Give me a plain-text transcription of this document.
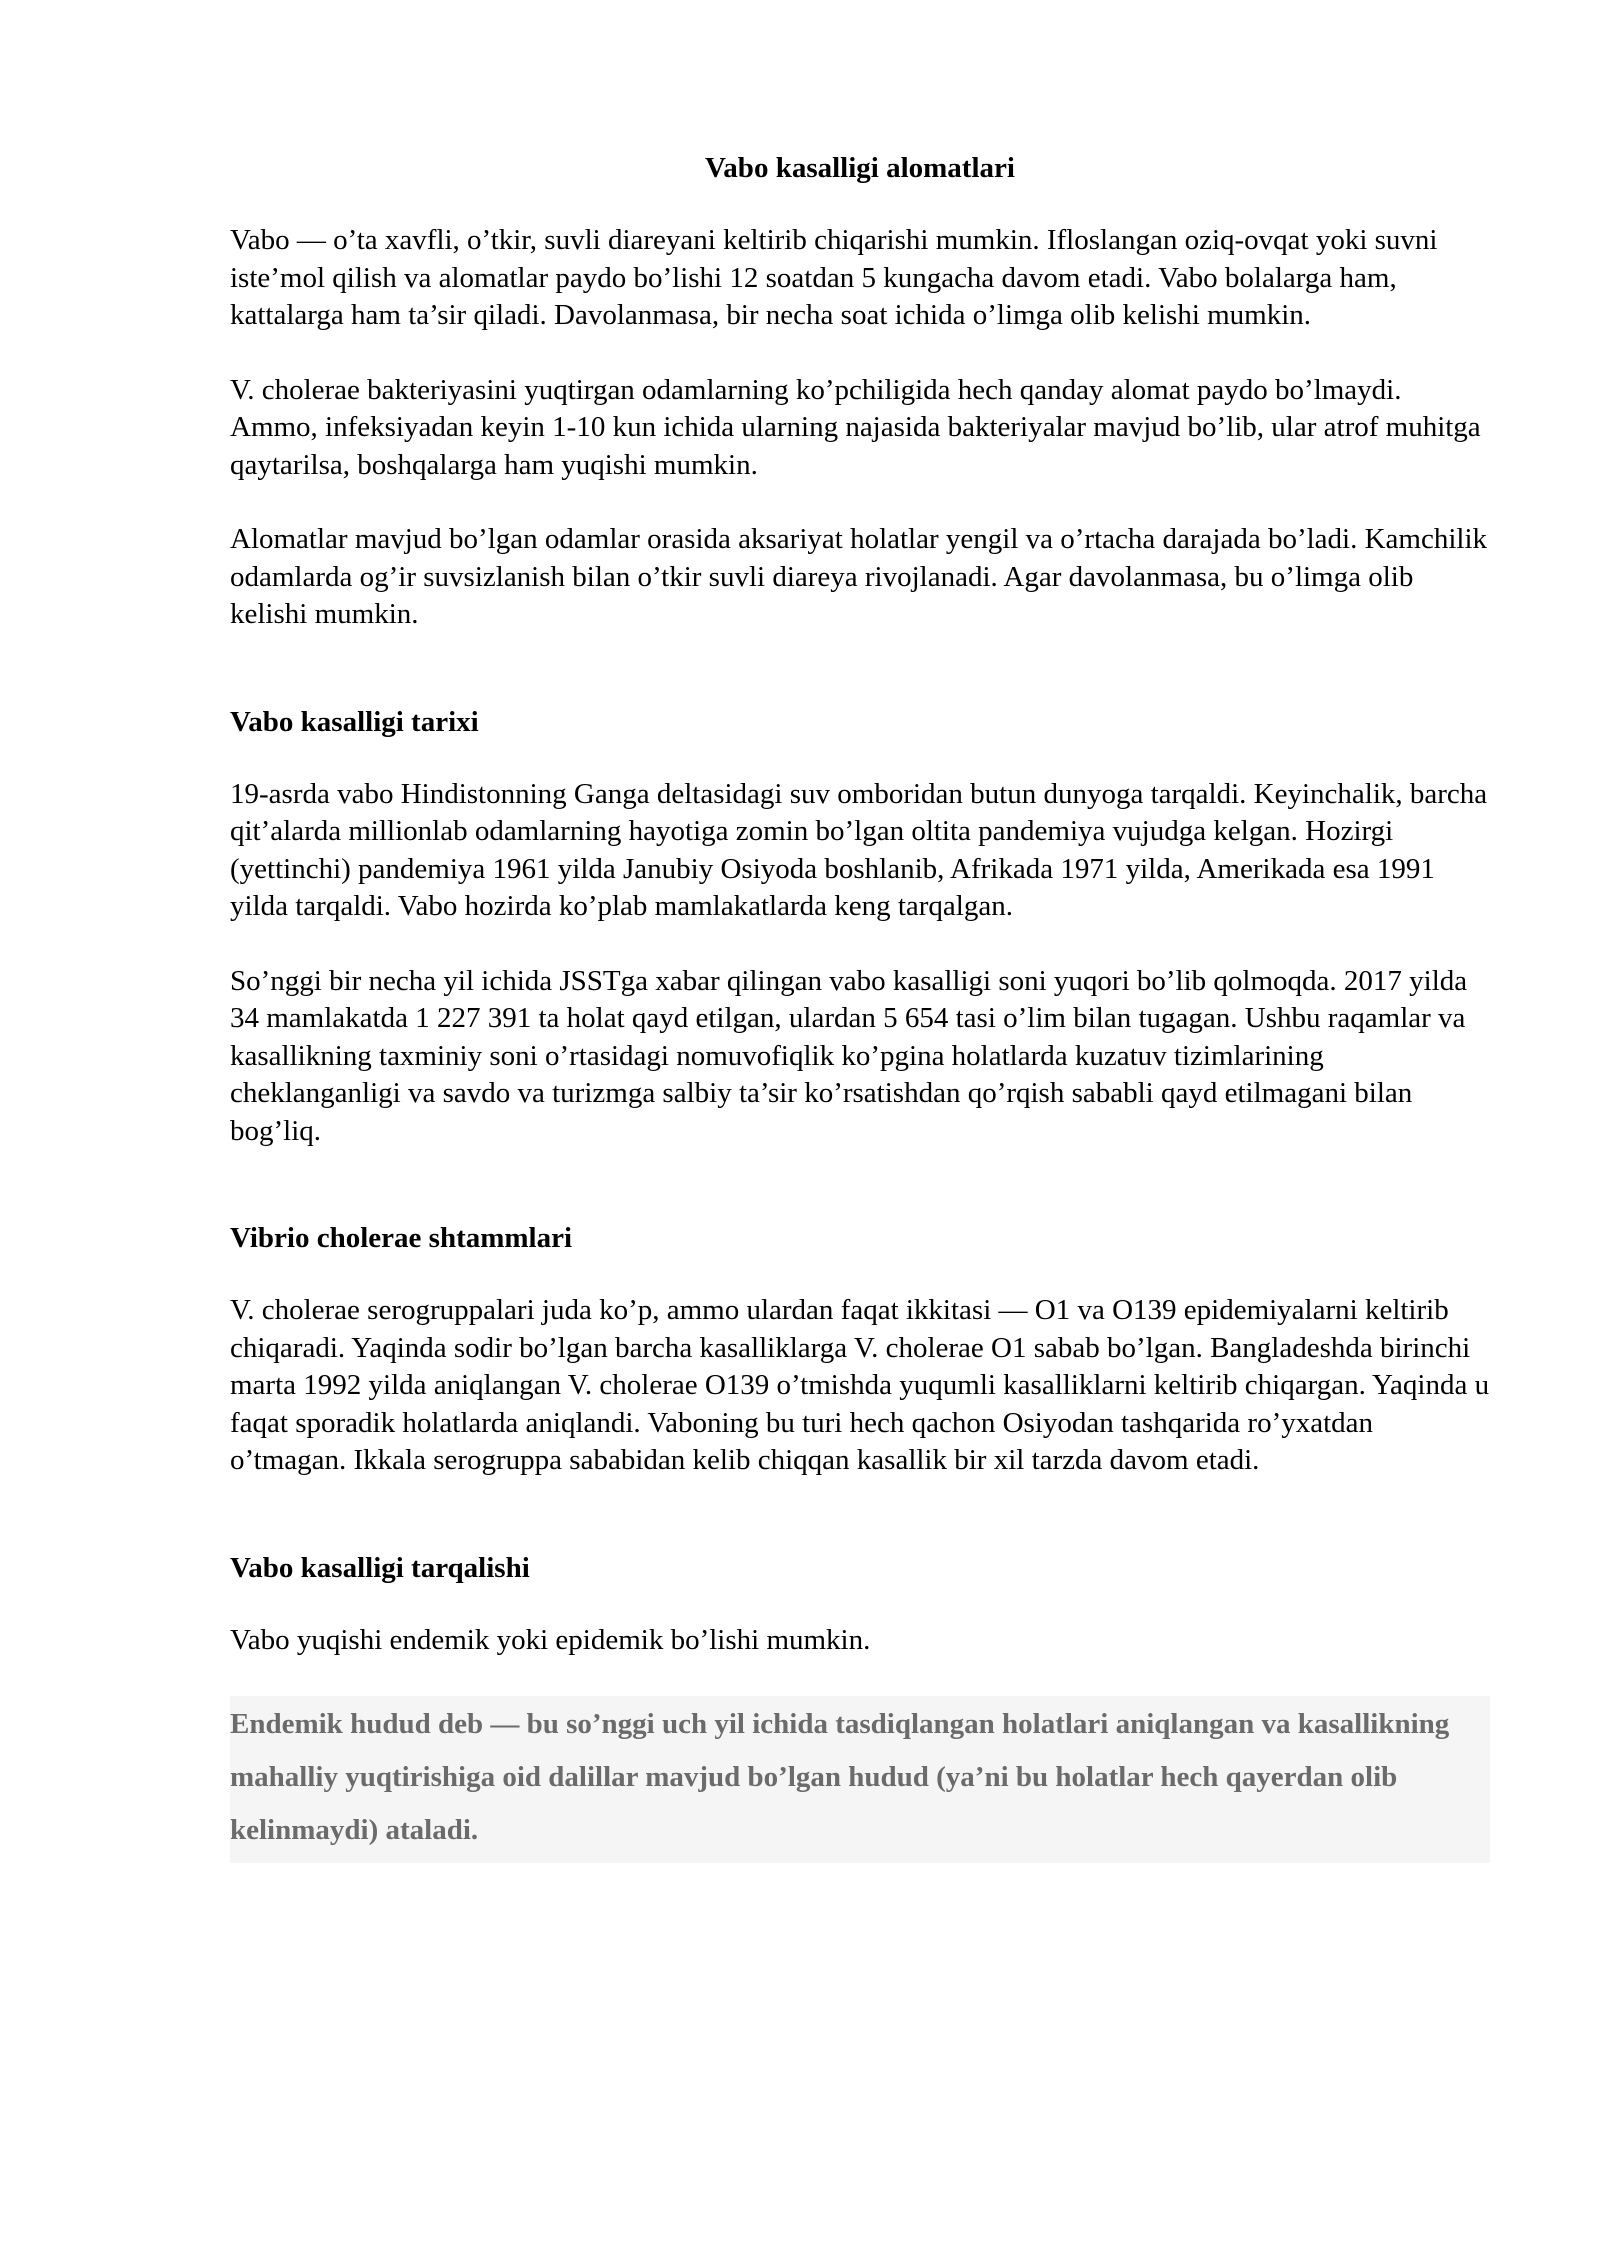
Vabo kasalligi alomatlari

Vabo — o’ta xavfli, o’tkir, suvli diareyani keltirib chiqarishi mumkin. Ifloslangan oziq-ovqat yoki suvni iste’mol qilish va alomatlar paydo bo’lishi 12 soatdan 5 kungacha davom etadi. Vabo bolalarga ham, kattalarga ham ta’sir qiladi. Davolanmasa, bir necha soat ichida o’limga olib kelishi mumkin.

V. cholerae bakteriyasini yuqtirgan odamlarning ko’pchiligida hech qanday alomat paydo bo’lmaydi. Ammo, infeksiyadan keyin 1-10 kun ichida ularning najasida bakteriyalar mavjud bo’lib, ular atrof muhitga qaytarilsa, boshqalarga ham yuqishi mumkin.

Alomatlar mavjud bo’lgan odamlar orasida aksariyat holatlar yengil va o’rtacha darajada bo’ladi. Kamchilik odamlarda og’ir suvsizlanish bilan o’tkir suvli diareya rivojlanadi. Agar davolanmasa, bu o’limga olib kelishi mumkin.

Vabo kasalligi tarixi

19-asrda vabo Hindistonning Ganga deltasidagi suv omboridan butun dunyoga tarqaldi. Keyinchalik, barcha qit’alarda millionlab odamlarning hayotiga zomin bo’lgan oltita pandemiya vujudga kelgan. Hozirgi (yettinchi) pandemiya 1961 yilda Janubiy Osiyoda boshlanib, Afrikada 1971 yilda, Amerikada esa 1991 yilda tarqaldi. Vabo hozirda ko’plab mamlakatlarda keng tarqalgan.

So’nggi bir necha yil ichida JSSTga xabar qilingan vabo kasalligi soni yuqori bo’lib qolmoqda. 2017 yilda 34 mamlakatda 1 227 391 ta holat qayd etilgan, ulardan 5 654 tasi o’lim bilan tugagan. Ushbu raqamlar va kasallikning taxminiy soni o’rtasidagi nomuvofiqlik ko’pgina holatlarda kuzatuv tizimlarining cheklanganligi va savdo va turizmga salbiy ta’sir ko’rsatishdan qo’rqish sababli qayd etilmagani bilan bog’liq.

Vibrio cholerae shtammlari

V. cholerae serogruppalari juda ko’p, ammo ulardan faqat ikkitasi — O1 va O139 epidemiyalarni keltirib chiqaradi. Yaqinda sodir bo’lgan barcha kasalliklarga V. cholerae O1 sabab bo’lgan. Bangladeshda birinchi marta 1992 yilda aniqlangan V. cholerae O139 o’tmishda yuqumli kasalliklarni keltirib chiqargan. Yaqinda u faqat sporadik holatlarda aniqlandi. Vaboning bu turi hech qachon Osiyodan tashqarida ro’yxatdan o’tmagan. Ikkala serogruppa sababidan kelib chiqqan kasallik bir xil tarzda davom etadi.

Vabo kasalligi tarqalishi

Vabo yuqishi endemik yoki epidemik bo’lishi mumkin.

Endemik hudud deb — bu so’nggi uch yil ichida tasdiqlangan holatlari aniqlangan va kasallikning mahalliy yuqtirishiga oid dalillar mavjud bo’lgan hudud (ya’ni bu holatlar hech qayerdan olib kelinmaydi) ataladi.
